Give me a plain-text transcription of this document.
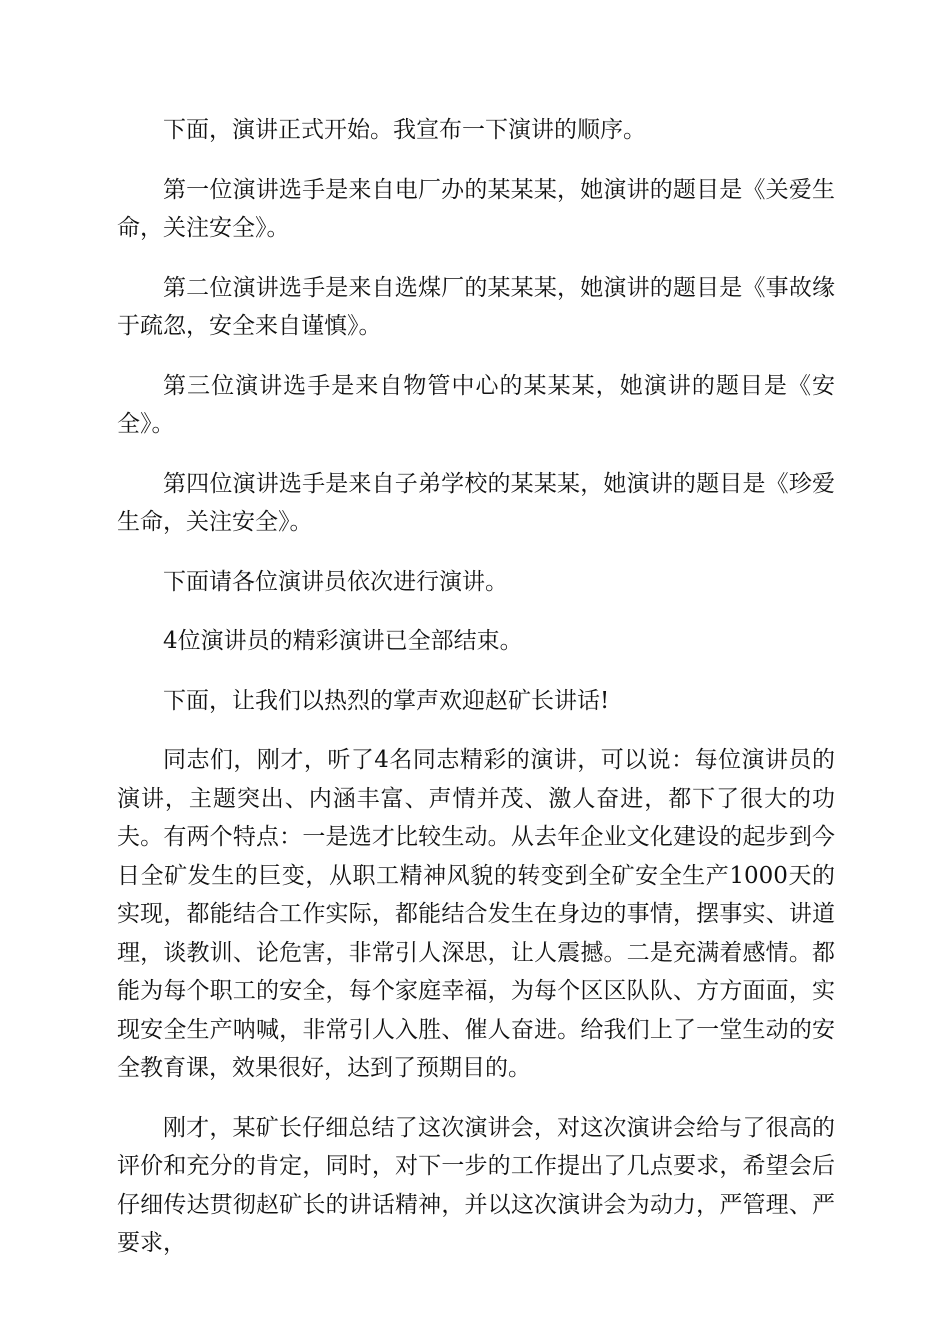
下面，演讲正式开始。我宣布一下演讲的顺序。

第一位演讲选手是来自电厂办的某某某，她演讲的题目是《关爱生命，关注安全》。

第二位演讲选手是来自选煤厂的某某某，她演讲的题目是《事故缘于疏忽，安全来自谨慎》。

第三位演讲选手是来自物管中心的某某某，她演讲的题目是《安全》。

第四位演讲选手是来自子弟学校的某某某，她演讲的题目是《珍爱生命，关注安全》。

下面请各位演讲员依次进行演讲。

4位演讲员的精彩演讲已全部结束。

下面，让我们以热烈的掌声欢迎赵矿长讲话!

同志们，刚才，听了4名同志精彩的演讲，可以说：每位演讲员的演讲，主题突出、内涵丰富、声情并茂、激人奋进，都下了很大的功夫。有两个特点：一是选才比较生动。从去年企业文化建设的起步到今日全矿发生的巨变，从职工精神风貌的转变到全矿安全生产1000天的实现，都能结合工作实际，都能结合发生在身边的事情，摆事实、讲道理，谈教训、论危害，非常引人深思，让人震撼。二是充满着感情。都能为每个职工的安全，每个家庭幸福，为每个区区队队、方方面面，实现安全生产呐喊，非常引人入胜、催人奋进。给我们上了一堂生动的安全教育课，效果很好，达到了预期目的。

刚才，某矿长仔细总结了这次演讲会，对这次演讲会给与了很高的评价和充分的肯定，同时，对下一步的工作提出了几点要求，希望会后仔细传达贯彻赵矿长的讲话精神，并以这次演讲会为动力，严管理、严要求，
